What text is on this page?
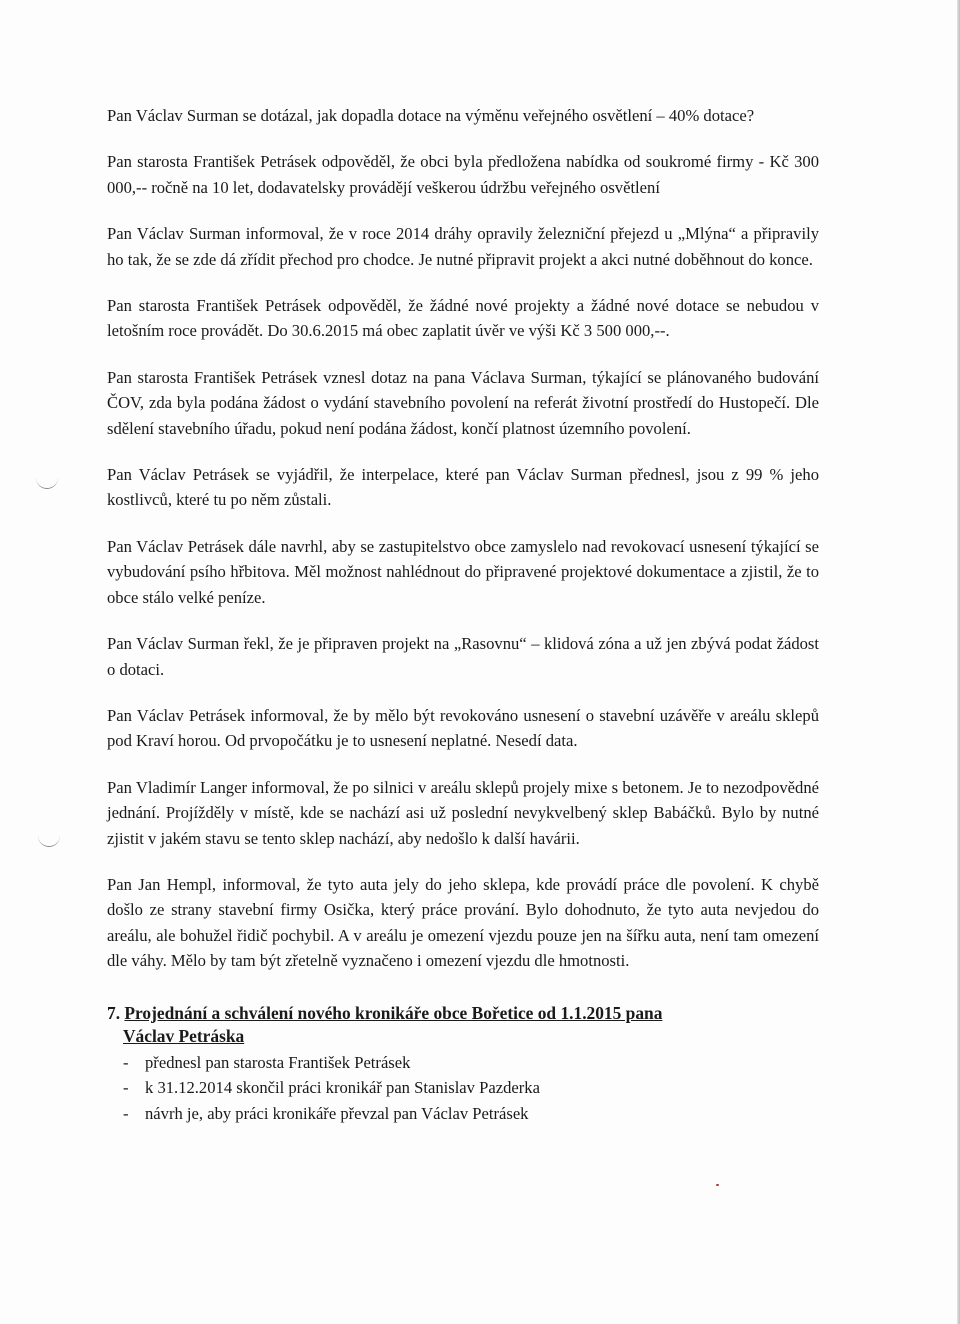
Pan Václav Surman se dotázal, jak dopadla dotace na výměnu veřejného osvětlení – 40% dotace?

Pan starosta František Petrásek odpověděl, že obci byla předložena nabídka od soukromé firmy - Kč 300 000,-- ročně na 10 let, dodavatelsky provádějí veškerou údržbu veřejného osvětlení

Pan Václav Surman informoval, že v roce 2014 dráhy opravily železniční přejezd u „Mlýna“ a připravily ho tak, že se zde dá zřídit přechod pro chodce. Je nutné připravit projekt a akci nutné doběhnout do konce.

Pan starosta František Petrásek odpověděl, že žádné nové projekty a žádné nové dotace se nebudou v letošním roce provádět. Do 30.6.2015 má obec zaplatit úvěr ve výši Kč 3 500 000,--.

Pan starosta František Petrásek vznesl dotaz na pana Václava Surman, týkající se plánovaného budování ČOV, zda byla podána žádost o vydání stavebního povolení na referát životní prostředí do Hustopečí. Dle sdělení stavebního úřadu, pokud není podána žádost, končí platnost územního povolení.

Pan Václav Petrásek se vyjádřil, že interpelace, které pan Václav Surman přednesl, jsou z 99 % jeho kostlivců, které tu po něm zůstali.

Pan Václav Petrásek dále navrhl, aby se zastupitelstvo obce zamyslelo nad revokovací usnesení týkající se vybudování psího hřbitova. Měl možnost nahlédnout do připravené projektové dokumentace a zjistil, že to obce stálo velké peníze.

Pan Václav Surman řekl, že je připraven projekt na „Rasovnu“ – klidová zóna a už jen zbývá podat žádost o dotaci.

Pan Václav Petrásek informoval, že by mělo být revokováno usnesení o stavební uzávěře v areálu sklepů pod Kraví horou. Od prvopočátku je to usnesení neplatné. Nesedí data.

Pan Vladimír Langer informoval, že po silnici v areálu sklepů projely mixe s betonem. Je to nezodpovědné jednání. Projížděly v místě, kde se nachází asi už poslední nevykvelbený sklep Babáčků. Bylo by nutné zjistit v jakém stavu se tento sklep nachází, aby nedošlo k další havárii.

Pan Jan Hempl, informoval, že tyto auta jely do jeho sklepa, kde provádí práce dle povolení. K chybě došlo ze strany stavební firmy Osička, který práce prování. Bylo dohodnuto, že tyto auta nevjedou do areálu, ale bohužel řidič pochybil. A v areálu je omezení vjezdu pouze jen na šířku auta, není tam omezení dle váhy. Mělo by tam být zřetelně vyznačeno i omezení vjezdu dle hmotnosti.

7. Projednání a schválení nového kronikáře obce Bořetice od 1.1.2015 pana
Václav Petráska
- přednesl pan starosta František Petrásek
- k 31.12.2014 skončil práci kronikář pan Stanislav Pazderka
- návrh je, aby práci kronikáře převzal pan Václav Petrásek
